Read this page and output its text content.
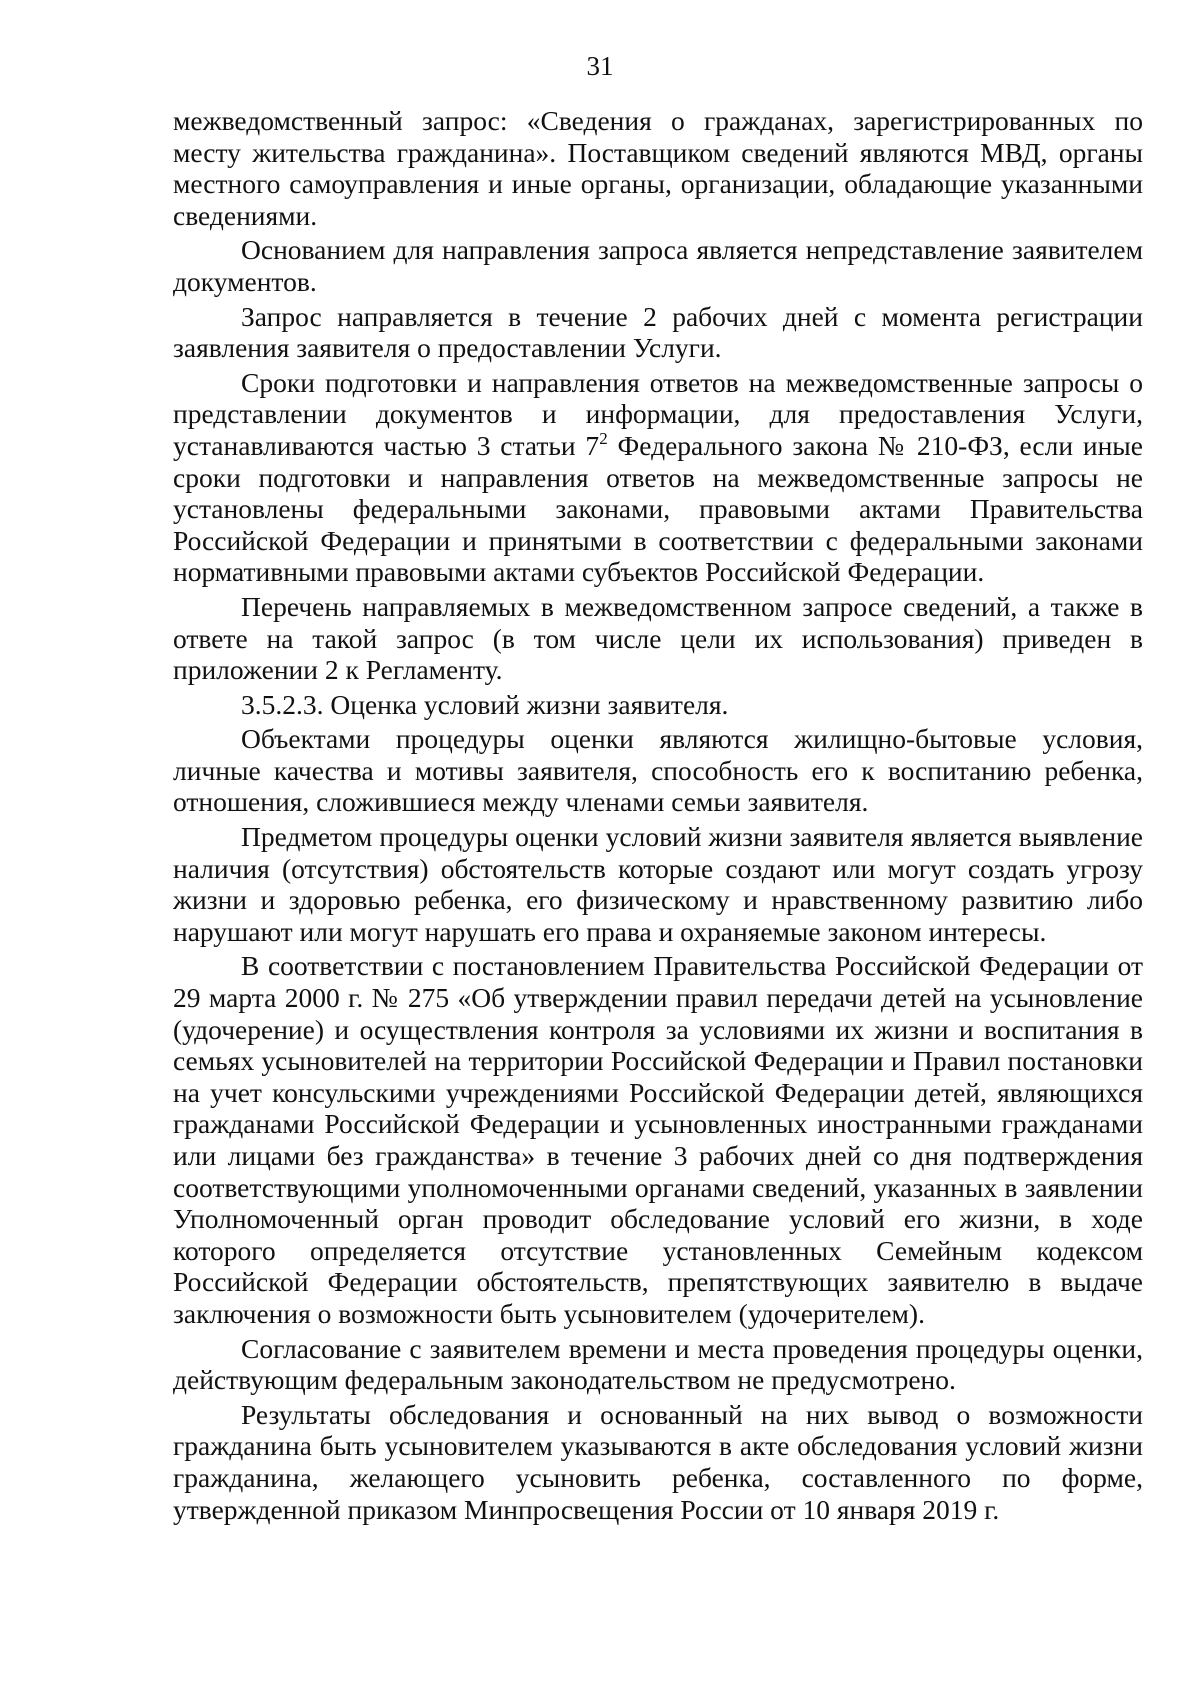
31

межведомственный запрос: «Сведения о гражданах, зарегистрированных по месту жительства гражданина». Поставщиком сведений являются МВД, органы местного самоуправления и иные органы, организации, обладающие указанными сведениями.

Основанием для направления запроса является непредставление заявителем документов.

Запрос направляется в течение 2 рабочих дней с момента регистрации заявления заявителя о предоставлении Услуги.

Сроки подготовки и направления ответов на межведомственные запросы о представлении документов и информации, для предоставления Услуги, устанавливаются частью 3 статьи $7^2$ Федерального закона № 210-ФЗ, если иные сроки подготовки и направления ответов на межведомственные запросы не установлены федеральными законами, правовыми актами Правительства Российской Федерации и принятыми в соответствии с федеральными законами нормативными правовыми актами субъектов Российской Федерации.

Перечень направляемых в межведомственном запросе сведений, а также в ответе на такой запрос (в том числе цели их использования) приведен в приложении 2 к Регламенту.

3.5.2.3. Оценка условий жизни заявителя.

Объектами процедуры оценки являются жилищно-бытовые условия, личные качества и мотивы заявителя, способность его к воспитанию ребенка, отношения, сложившиеся между членами семьи заявителя.

Предметом процедуры оценки условий жизни заявителя является выявление наличия (отсутствия) обстоятельств которые создают или могут создать угрозу жизни и здоровью ребенка, его физическому и нравственному развитию либо нарушают или могут нарушать его права и охраняемые законом интересы.

В соответствии с постановлением Правительства Российской Федерации от 29 марта 2000 г. № 275 «Об утверждении правил передачи детей на усыновление (удочерение) и осуществления контроля за условиями их жизни и воспитания в семьях усыновителей на территории Российской Федерации и Правил постановки на учет консульскими учреждениями Российской Федерации детей, являющихся гражданами Российской Федерации и усыновленных иностранными гражданами или лицами без гражданства» в течение 3 рабочих дней со дня подтверждения соответствующими уполномоченными органами сведений, указанных в заявлении Уполномоченный орган проводит обследование условий его жизни, в ходе которого определяется отсутствие установленных Семейным кодексом Российской Федерации обстоятельств, препятствующих заявителю в выдаче заключения о возможности быть усыновителем (удочерителем).

Согласование с заявителем времени и места проведения процедуры оценки, действующим федеральным законодательством не предусмотрено.

Результаты обследования и основанный на них вывод о возможности гражданина быть усыновителем указываются в акте обследования условий жизни гражданина, желающего усыновить ребенка, составленного по форме, утвержденной приказом Минпросвещения России от 10 января 2019 г.
